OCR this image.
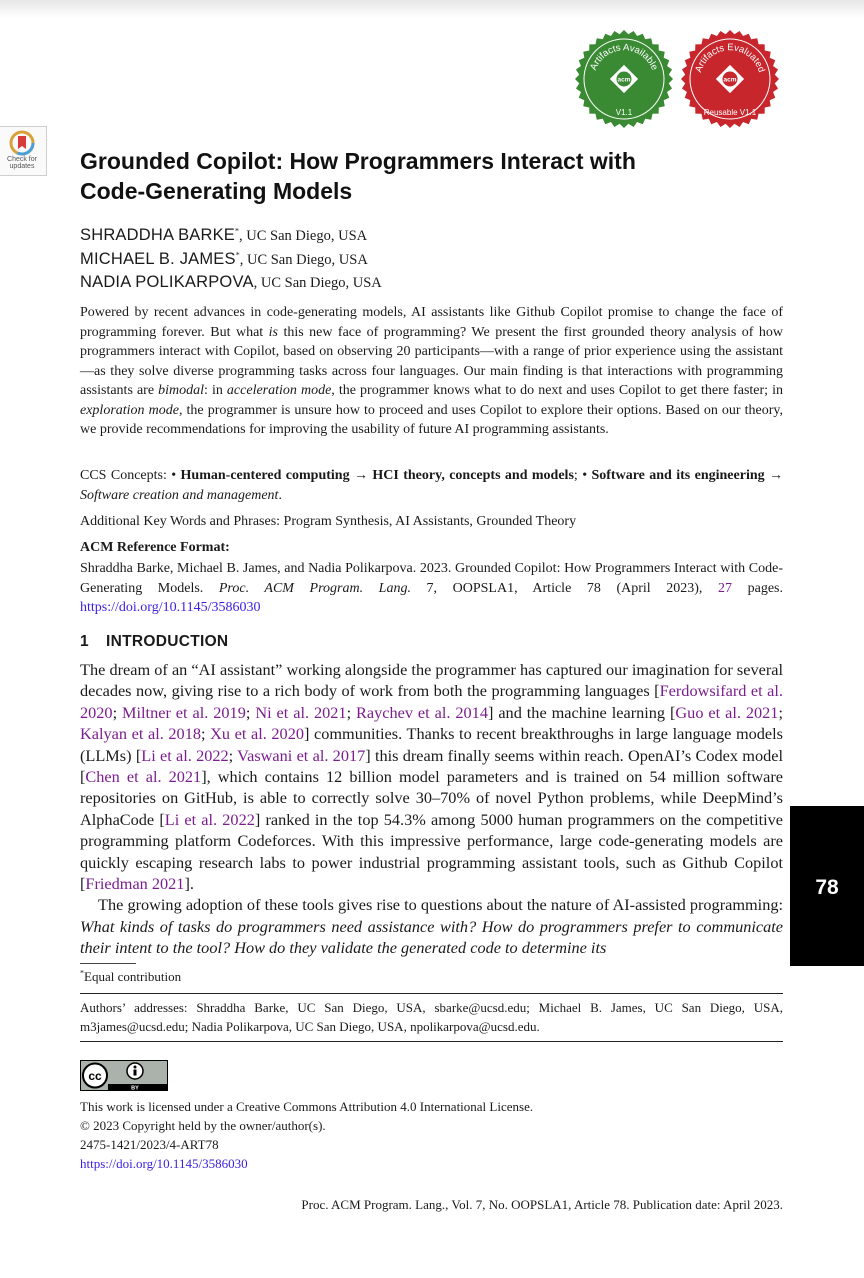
Check for
updates
Artifacts Available
acm
V1.1
Artifacts Evaluated
acm
Reusable V1.1
Grounded Copilot: How Programmers Interact with
Code-Generating Models
SHRADDHA BARKE*, UC San Diego, USA
MICHAEL B. JAMES*, UC San Diego, USA
NADIA POLIKARPOVA, UC San Diego, USA
Powered by recent advances in code-generating models, AI assistants like Github Copilot promise to change the face of programming forever. But what is this new face of programming? We present the first grounded theory analysis of how programmers interact with Copilot, based on observing 20 participants—with a range of prior experience using the assistant—as they solve diverse programming tasks across four languages. Our main finding is that interactions with programming assistants are bimodal: in acceleration mode, the programmer knows what to do next and uses Copilot to get there faster; in exploration mode, the programmer is unsure how to proceed and uses Copilot to explore their options. Based on our theory, we provide recommendations for improving the usability of future AI programming assistants.
CCS Concepts: • Human-centered computing → HCI theory, concepts and models; • Software and its engineering → Software creation and management.
Additional Key Words and Phrases: Program Synthesis, AI Assistants, Grounded Theory
ACM Reference Format:
Shraddha Barke, Michael B. James, and Nadia Polikarpova. 2023. Grounded Copilot: How Programmers Interact with Code-Generating Models. Proc. ACM Program. Lang. 7, OOPSLA1, Article 78 (April 2023), 27 pages. https://doi.org/10.1145/3586030
1 INTRODUCTION

The dream of an “AI assistant” working alongside the programmer has captured our imagination for several decades now, giving rise to a rich body of work from both the programming languages [Ferdowsifard et al. 2020; Miltner et al. 2019; Ni et al. 2021; Raychev et al. 2014] and the machine learning [Guo et al. 2021; Kalyan et al. 2018; Xu et al. 2020] communities. Thanks to recent breakthroughs in large language models (LLMs) [Li et al. 2022; Vaswani et al. 2017] this dream finally seems within reach. OpenAI’s Codex model [Chen et al. 2021], which contains 12 billion model parameters and is trained on 54 million software repositories on GitHub, is able to correctly solve 30–70% of novel Python problems, while DeepMind’s AlphaCode [Li et al. 2022] ranked in the top 54.3% among 5000 human programmers on the competitive programming platform Codeforces. With this impressive performance, large code-generating models are quickly escaping research labs to power industrial programming assistant tools, such as Github Copilot [Friedman 2021].

The growing adoption of these tools gives rise to questions about the nature of AI-assisted programming: What kinds of tasks do programmers need assistance with? How do programmers prefer to communicate their intent to the tool? How do they validate the generated code to determine its

*Equal contribution
Authors’ addresses: Shraddha Barke, UC San Diego, USA, sbarke@ucsd.edu; Michael B. James, UC San Diego, USA, m3james@ucsd.edu; Nadia Polikarpova, UC San Diego, USA, npolikarpova@ucsd.edu.
cc
BY
This work is licensed under a Creative Commons Attribution 4.0 International License.
© 2023 Copyright held by the owner/author(s).
2475-1421/2023/4-ART78
https://doi.org/10.1145/3586030
Proc. ACM Program. Lang., Vol. 7, No. OOPSLA1, Article 78. Publication date: April 2023.
78
